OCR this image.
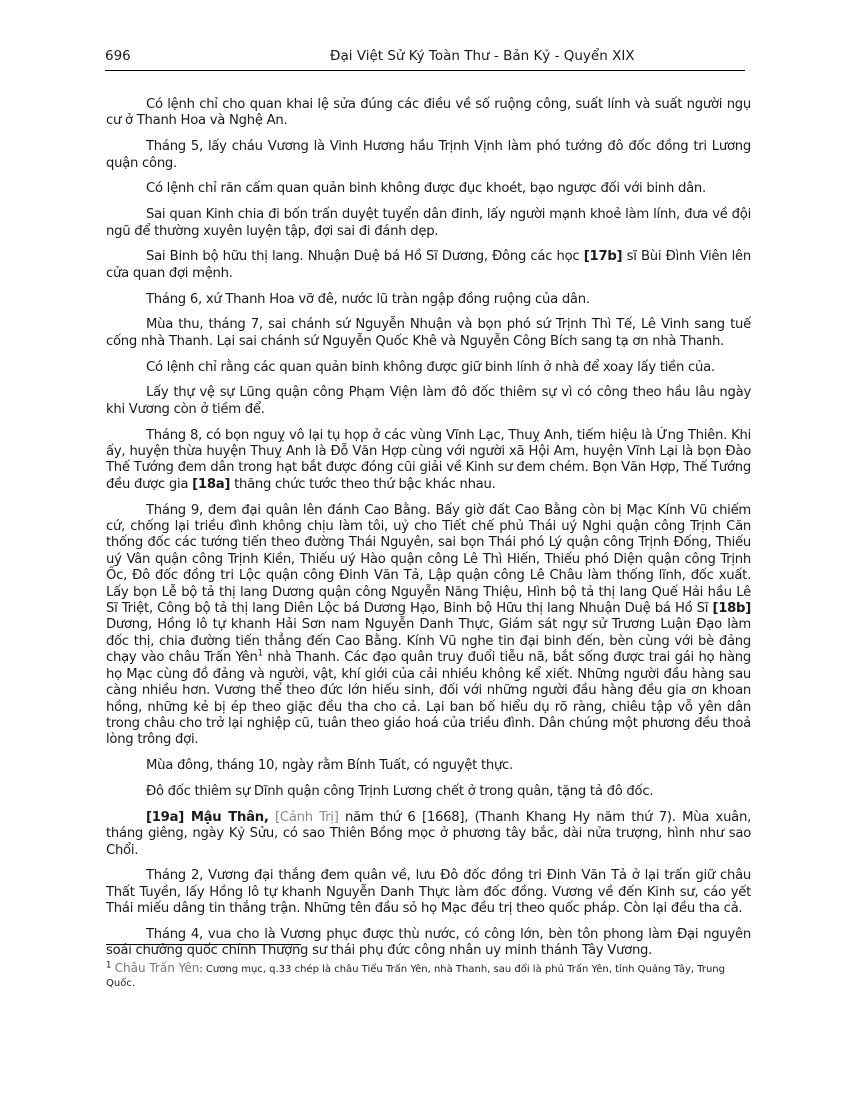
696	Đại Việt Sử Ký Toàn Thư - Bản Kỷ - Quyển XIX

Có lệnh chỉ cho quan khai lệ sửa đúng các điều về số ruộng công, suất lính và suất người ngụ cư ở Thanh Hoa và Nghệ An.

Tháng 5, lấy cháu Vương là Vinh Hương hầu Trịnh Vịnh làm phó tướng đô đốc đồng tri Lương quận công.

Có lệnh chỉ răn cấm quan quản binh không được đục khoét, bạo ngược đối với binh dân.

Sai quan Kinh chia đi bốn trấn duyệt tuyển dân đinh, lấy người mạnh khoẻ làm lính, đưa về đội ngũ để thường xuyên luyện tập, đợi sai đi đánh dẹp.

Sai Binh bộ hữu thị lang. Nhuận Duệ bá Hồ Sĩ Dương, Đông các học [17b] sĩ Bùi Đình Viên lên cửa quan đợi mệnh.

Tháng 6, xứ Thanh Hoa vỡ đê, nước lũ tràn ngập đồng ruộng của dân.

Mùa thu, tháng 7, sai chánh sứ Nguyễn Nhuận và bọn phó sứ Trịnh Thì Tế, Lê Vinh sang tuế cống nhà Thanh. Lại sai chánh sứ Nguyễn Quốc Khê và Nguyễn Công Bích sang tạ ơn nhà Thanh.

Có lệnh chỉ rằng các quan quản binh không được giữ binh lính ở nhà để xoay lấy tiền của.

Lấy thự vệ sự Lũng quận công Phạm Viện làm đô đốc thiêm sự vì có công theo hầu lâu ngày khi Vương còn ở tiềm để.

Tháng 8, có bọn nguỵ vô lại tụ họp ở các vùng Vĩnh Lạc, Thuỵ Anh, tiếm hiệu là Ứng Thiên. Khi ấy, huyện thừa huyện Thuỵ Anh là Đỗ Văn Hợp cùng với người xã Hội Am, huyện Vĩnh Lại là bọn Đào Thế Tướng đem dân trong hạt bắt được đóng cũi giải về Kinh sư đem chém. Bọn Văn Hợp, Thế Tướng đều được gia [18a] thăng chức tước theo thứ bậc khác nhau.

Tháng 9, đem đại quân lên đánh Cao Bằng. Bấy giờ đất Cao Bằng còn bị Mạc Kính Vũ chiếm cứ, chống lại triều đình không chịu làm tôi, uỷ cho Tiết chế phủ Thái uý Nghi quận công Trịnh Căn thống đốc các tướng tiến theo đường Thái Nguyên, sai bọn Thái phó Lý quận công Trịnh Đống, Thiếu uý Vân quận công Trịnh Kiền, Thiếu uý Hào quận công Lê Thì Hiến, Thiếu phó Diện quận công Trịnh Ốc, Đô đốc đồng tri Lộc quận công Đinh Văn Tả, Lập quận công Lê Châu làm thống lĩnh, đốc xuất. Lấy bọn Lễ bộ tả thị lang Dương quận công Nguyễn Năng Thiệu, Hình bộ tả thị lang Quế Hải hầu Lê Sĩ Triệt, Công bộ tả thị lang Diên Lộc bá Dương Hạo, Binh bộ Hữu thị lang Nhuận Duệ bá Hồ Sĩ [18b] Dương, Hồng lô tự khanh Hải Sơn nam Nguyễn Danh Thực, Giám sát ngự sử Trương Luận Đạo làm đốc thị, chia đường tiến thẳng đến Cao Bằng. Kính Vũ nghe tin đại binh đến, bèn cùng với bè đảng chạy vào châu Trấn Yên$^1$ nhà Thanh. Các đạo quân truy đuổi tiễu nã, bắt sống được trai gái họ hàng họ Mạc cùng đồ đảng và người, vật, khí giới của cải nhiều không kể xiết. Những người đầu hàng sau càng nhiều hơn. Vương thể theo đức lớn hiếu sinh, đối với những người đầu hàng đều gia ơn khoan hồng, những kẻ bị ép theo giặc đều tha cho cả. Lại ban bố hiểu dụ rõ ràng, chiêu tập vỗ yên dân trong châu cho trở lại nghiệp cũ, tuân theo giáo hoá của triều đình. Dân chúng một phương đều thoả lòng trông đợi.

Mùa đông, tháng 10, ngày rằm Bính Tuất, có nguyệt thực.

Đô đốc thiêm sự Dĩnh quận công Trịnh Lương chết ở trong quân, tặng tả đô đốc.

[19a] Mậu Thân, [Cảnh Trị] năm thứ 6 [1668], (Thanh Khang Hy năm thứ 7). Mùa xuân, tháng giêng, ngày Kỷ Sửu, có sao Thiên Bồng mọc ở phương tây bắc, dài nửa trượng, hình như sao Chổi.

Tháng 2, Vương đại thắng đem quân về, lưu Đô đốc đồng tri Đinh Văn Tả ở lại trấn giữ châu Thất Tuyền, lấy Hồng lô tự khanh Nguyễn Danh Thực làm đốc đồng. Vương về đến Kinh sư, cáo yết Thái miếu dâng tin thắng trận. Những tên đầu sỏ họ Mạc đều trị theo quốc pháp. Còn lại đều tha cả.

Tháng 4, vua cho là Vương phục được thù nước, có công lớn, bèn tôn phong làm Đại nguyên soái chưởng quốc chính Thượng sư thái phụ đức công nhân uy minh thánh Tây Vương.

$^1$ Châu Trấn Yên: Cương mục, q.33 chép là châu Tiểu Trấn Yên, nhà Thanh, sau đổi là phủ Trấn Yên, tỉnh Quảng Tây, Trung Quốc.
